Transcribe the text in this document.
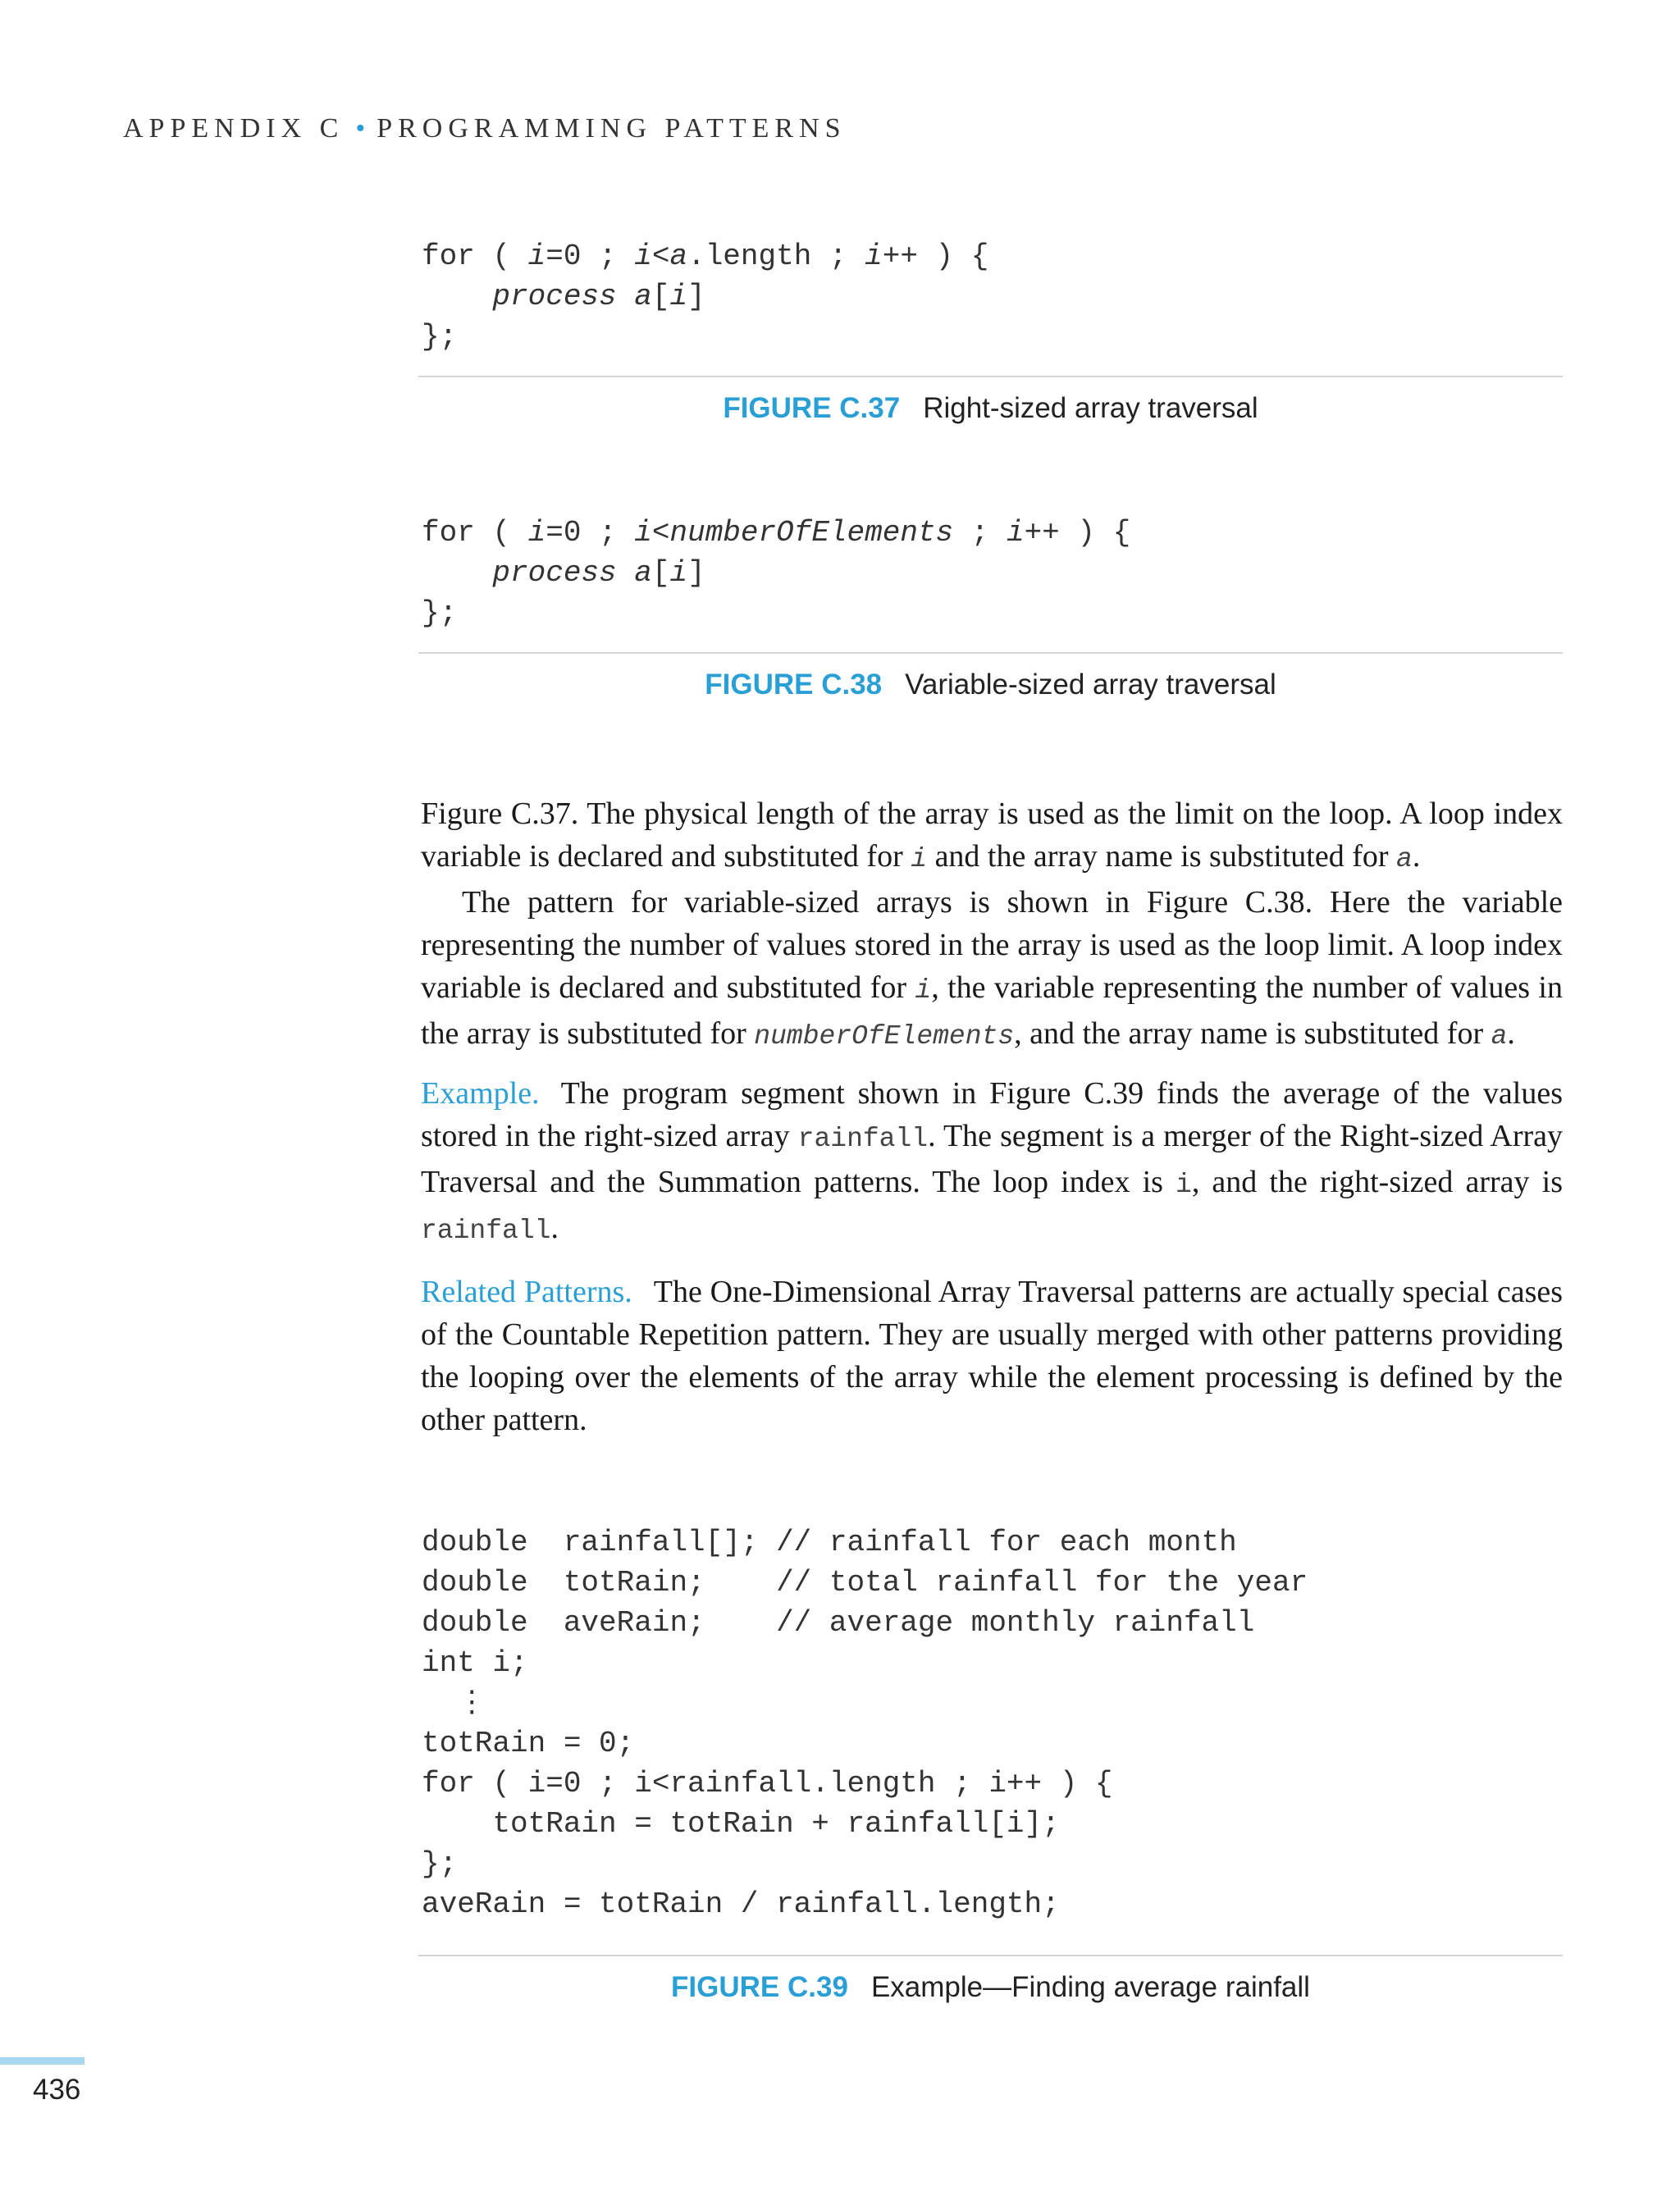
APPENDIX C • PROGRAMMING PATTERNS
for ( i=0 ; i<a.length ; i++ ) {
process a[i]
};
FIGURE C.37 Right-sized array traversal
for ( i=0 ; i<numberOfElements ; i++ ) {
process a[i]
};
FIGURE C.38 Variable-sized array traversal

Figure C.37. The physical length of the array is used as the limit on the loop. A loop index variable is declared and substituted for i and the array name is substituted for a.

The pattern for variable-sized arrays is shown in Figure C.38. Here the variable representing the number of values stored in the array is used as the loop limit. A loop index variable is declared and substituted for i, the variable representing the number of values in the array is substituted for numberOfElements, and the array name is substituted for a.

Example. The program segment shown in Figure C.39 finds the average of the values stored in the right-sized array rainfall. The segment is a merger of the Right-sized Array Traversal and the Summation patterns. The loop index is i, and the right-sized array is rainfall.

Related Patterns. The One-Dimensional Array Traversal patterns are actually special cases of the Countable Repetition pattern. They are usually merged with other patterns providing the looping over the elements of the array while the element processing is defined by the other pattern.

double  rainfall[]; // rainfall for each month
double  totRain;    // total rainfall for the year
double  aveRain;    // average monthly rainfall
int i;
⋮
totRain = 0;
for ( i=0 ; i<rainfall.length ; i++ ) {
totRain = totRain + rainfall[i];
};
aveRain = totRain / rainfall.length;
FIGURE C.39 Example—Finding average rainfall
436
